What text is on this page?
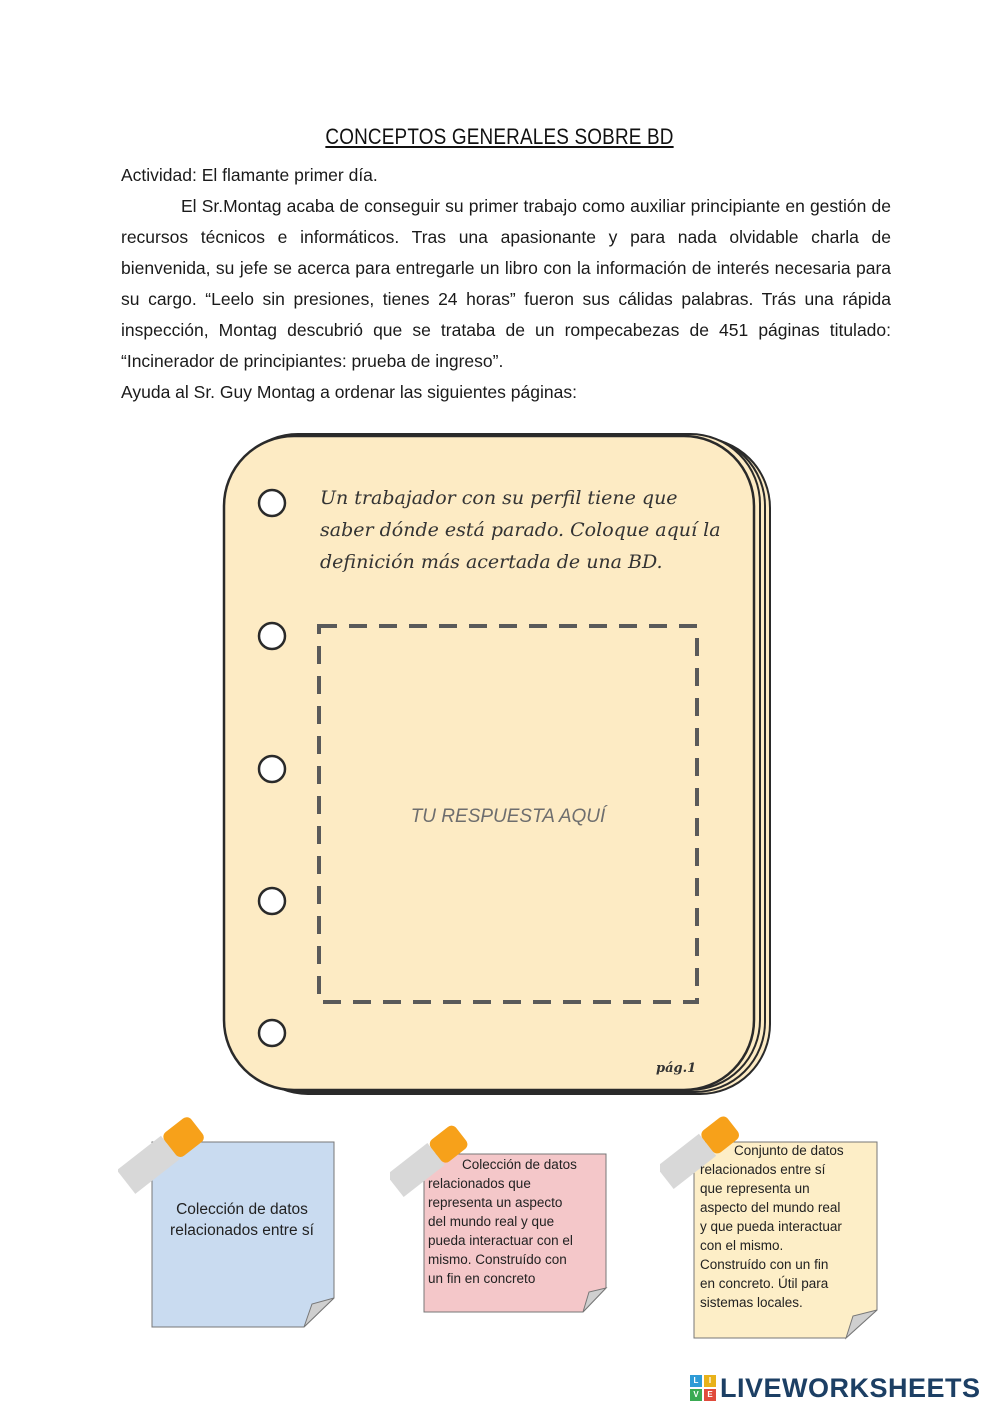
CONCEPTOS GENERALES SOBRE BD

Actividad: El flamante primer día.

El Sr.Montag acaba de conseguir su primer trabajo como auxiliar principiante en gestión de recursos técnicos e informáticos. Tras una apasionante y para nada olvidable charla de bienvenida, su jefe se acerca para entregarle un libro con la información de interés necesaria para su cargo. “Leelo sin presiones, tienes 24 horas” fueron sus cálidas palabras. Trás una rápida inspección, Montag descubrió que se trataba de un rompecabezas de 451 páginas titulado: “Incinerador de principiantes: prueba de ingreso”.

Ayuda al Sr. Guy Montag a ordenar las siguientes páginas:

Un trabajador con su perfil tiene que
saber dónde está parado. Coloque aquí la
definición más acertada de una BD.
TU RESPUESTA AQUÍ
pág.1
Colección de datos
relacionados entre sí
Colección de datos
relacionados que
representa un aspecto
del mundo real y que
pueda interactuar con el
mismo. Construído con
un fin en concreto
Conjunto de datos
relacionados entre sí
que representa un
aspecto del mundo real
y que pueda interactuar
con el mismo.
Construído con un fin
en concreto. Útil para
sistemas locales.
L	I
V	E LIVEWORKSHEETS
